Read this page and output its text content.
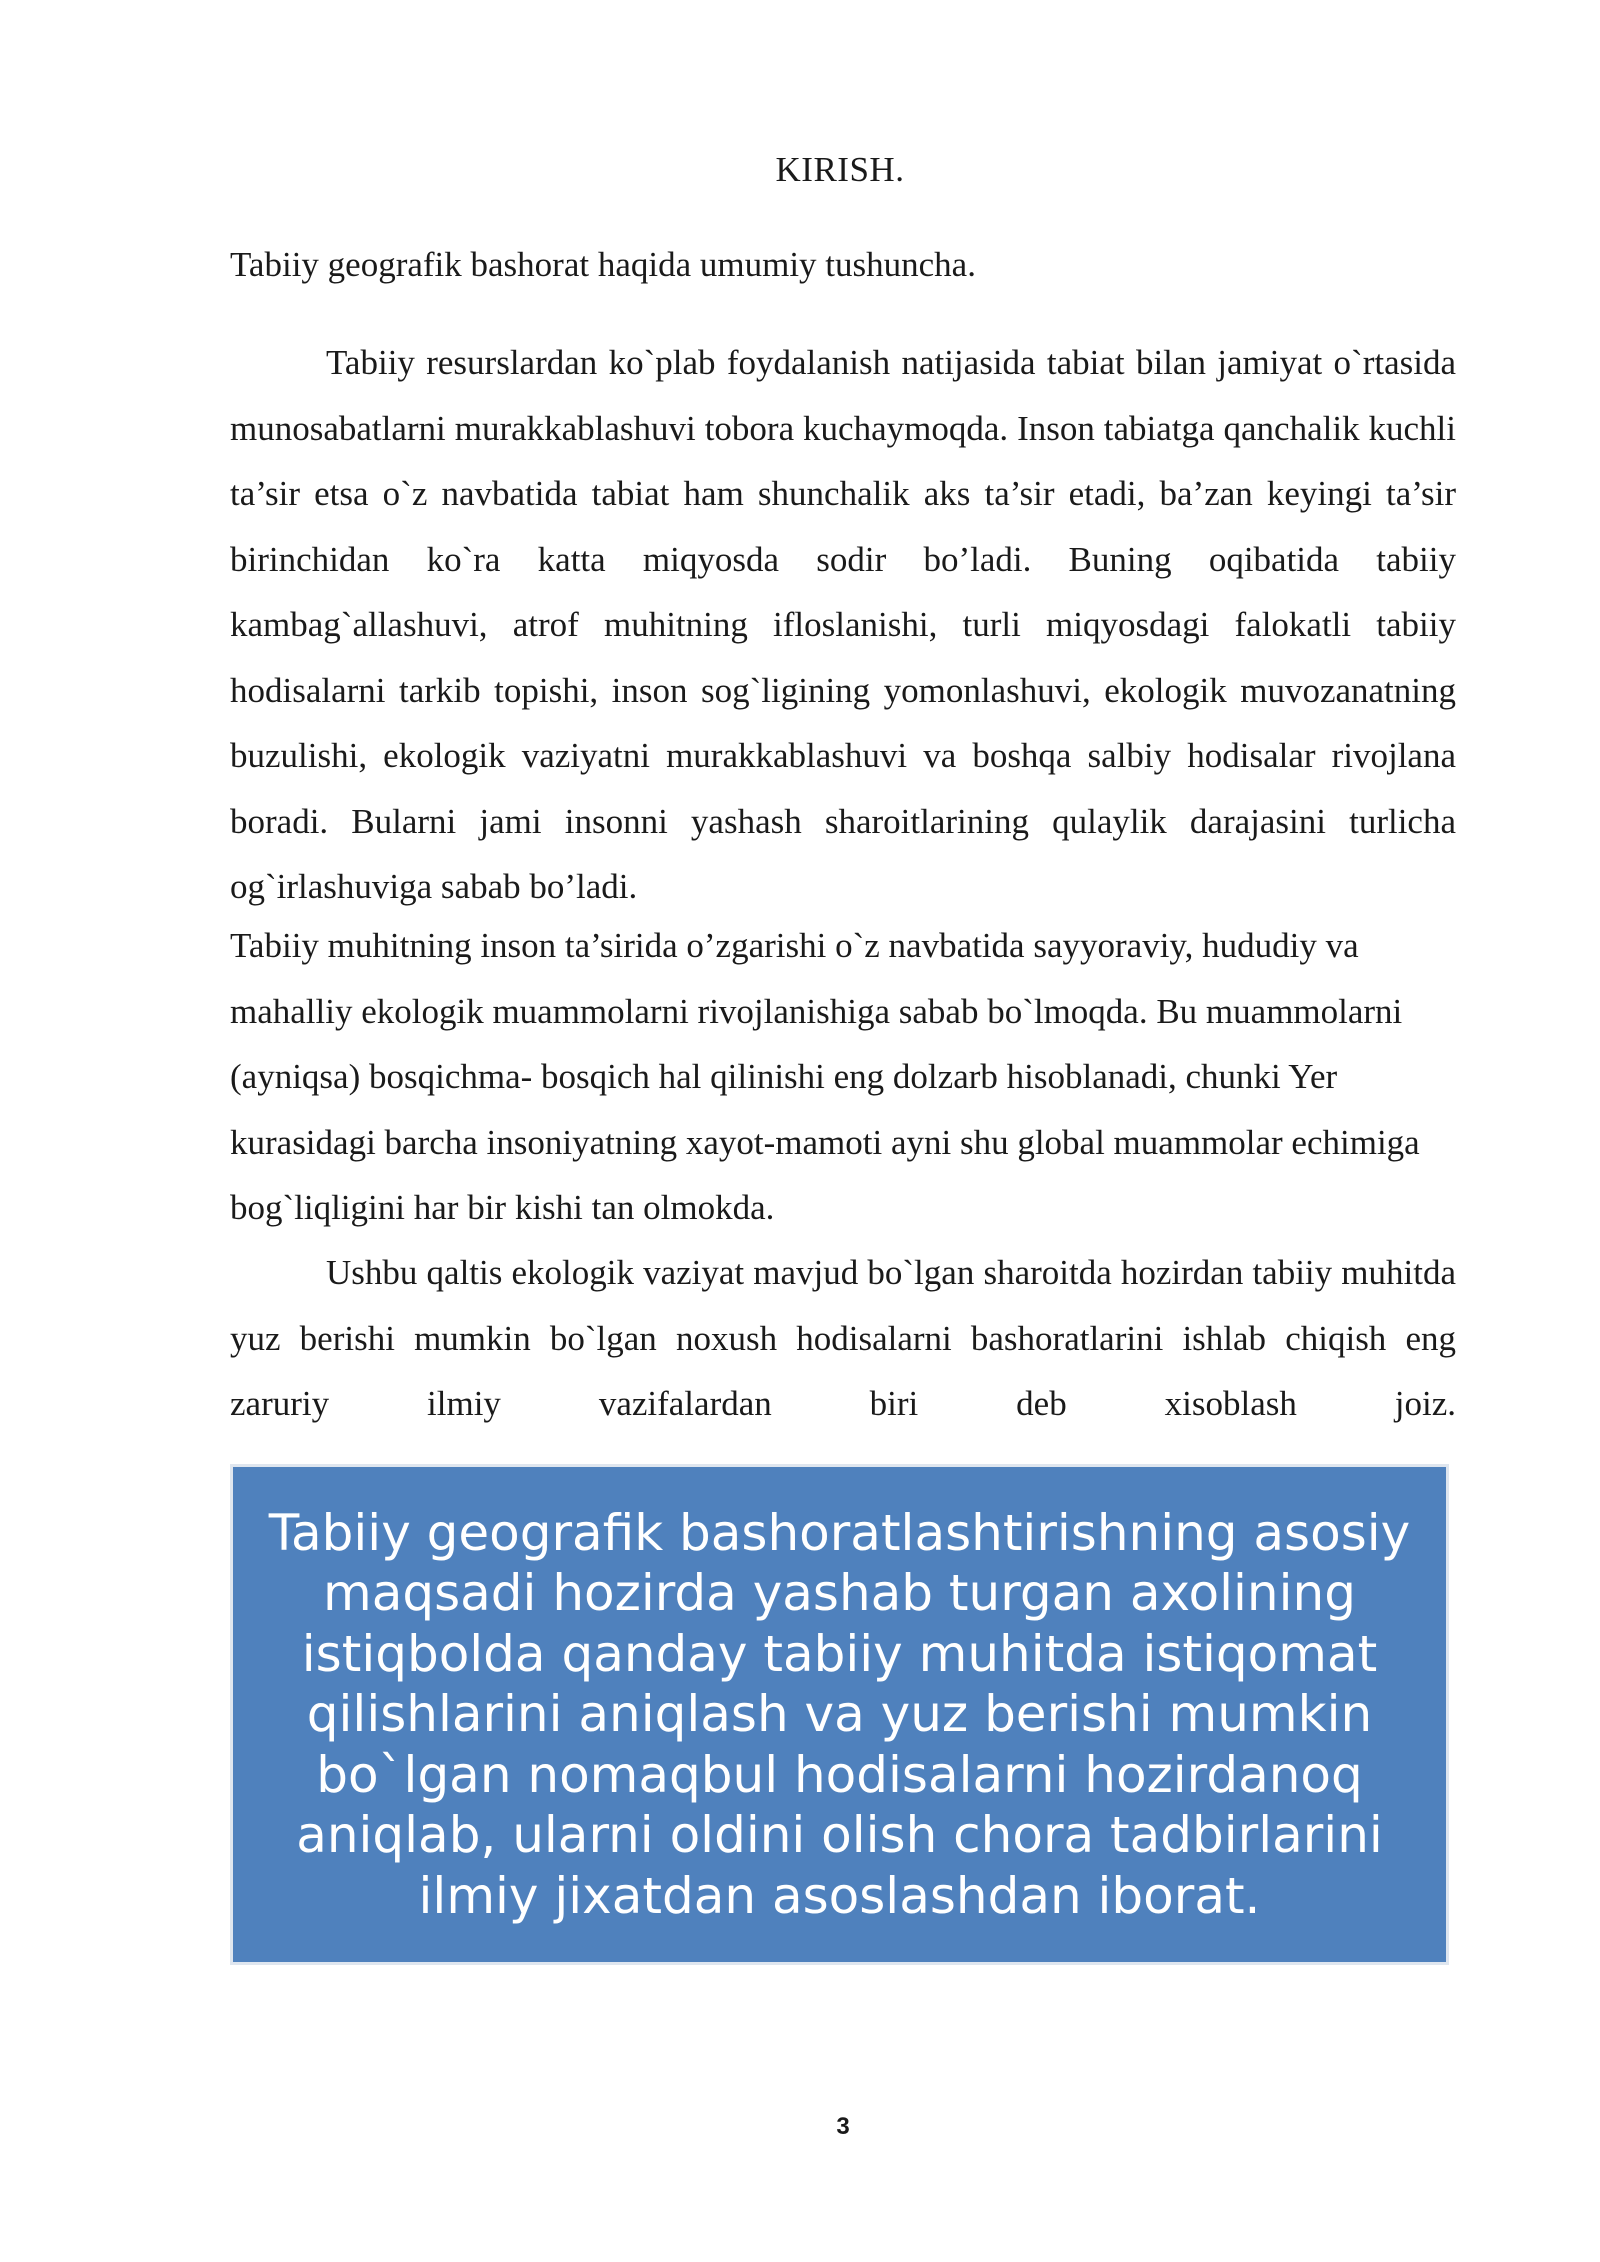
KIRISH.
Tabiiy geografik bashorat haqida umumiy tushuncha.

Tabiiy resurslardan ko`plab foydalanish natijasida tabiat bilan jamiyat o`rtasida munosabatlarni murakkablashuvi tobora kuchaymoqda. Inson tabiatga qanchalik kuchli ta’sir etsa o`z navbatida tabiat ham shunchalik aks ta’sir etadi, ba’zan keyingi ta’sir birinchidan ko`ra katta miqyosda sodir bo’ladi. Buning oqibatida tabiiy kambag`allashuvi, atrof muhitning ifloslanishi, turli miqyosdagi falokatli tabiiy hodisalarni tarkib topishi, inson sog`ligining yomonlashuvi, ekologik muvozanatning buzulishi, ekologik vaziyatni murakkablashuvi va boshqa salbiy hodisalar rivojlana boradi. Bularni jami insonni yashash sharoitlarining qulaylik darajasini turlicha og`irlashuviga sabab bo’ladi.

Tabiiy muhitning inson ta’sirida o’zgarishi o`z navbatida sayyoraviy, hududiy va mahalliy ekologik muammolarni rivojlanishiga sabab bo`lmoqda. Bu muammolarni (ayniqsa) bosqichma- bosqich hal qilinishi eng dolzarb hisoblanadi, chunki Yer kurasidagi barcha insoniyatning xayot-mamoti ayni shu global muammolar echimiga bog`liqligini har bir kishi tan olmokda.

Ushbu qaltis ekologik vaziyat mavjud bo`lgan sharoitda hozirdan tabiiy muhitda yuz berishi mumkin bo`lgan noxush hodisalarni bashoratlarini ishlab chiqish eng zaruriy ilmiy vazifalardan biri deb xisoblash joiz.

Tabiiy geografik bashoratlashtirishning asosiy maqsadi hozirda yashab turgan axolining istiqbolda qanday tabiiy muhitda istiqomat qilishlarini aniqlash va yuz berishi mumkin bo`lgan nomaqbul hodisalarni hozirdanoq aniqlab, ularni oldini olish chora tadbirlarini ilmiy jixatdan asoslashdan iborat.

3
